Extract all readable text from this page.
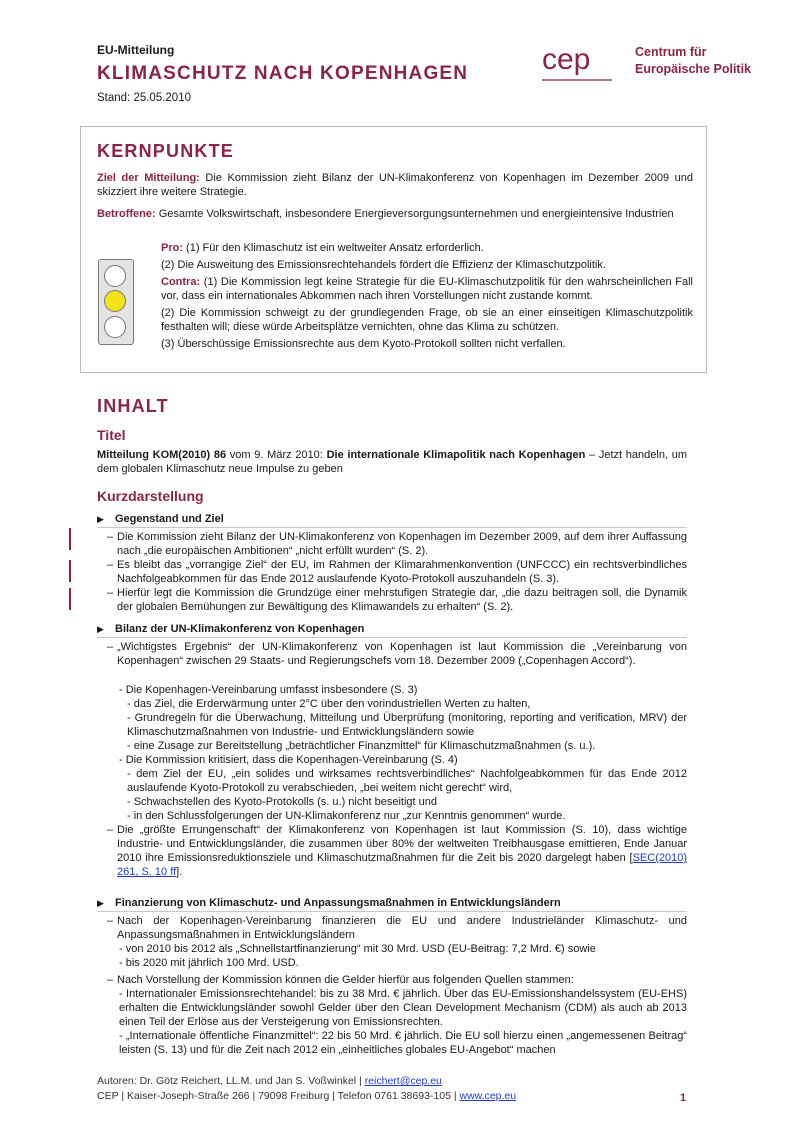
EU-Mitteilung
KLIMASCHUTZ NACH KOPENHAGEN
Stand: 25.05.2010
cep	Centrum für
Europäische Politik
KERNPUNKTE

Ziel der Mitteilung: Die Kommission zieht Bilanz der UN-Klimakonferenz von Kopenhagen im Dezember 2009 und skizziert ihre weitere Strategie.

Betroffene: Gesamte Volkswirtschaft, insbesondere Energieversorgungsunternehmen und energieintensive Industrien

Pro: (1) Für den Klimaschutz ist ein weltweiter Ansatz erforderlich.

(2) Die Ausweitung des Emissionsrechtehandels fördert die Effizienz der Klimaschutzpolitik.

Contra: (1) Die Kommission legt keine Strategie für die EU-Klimaschutzpolitik für den wahrscheinlichen Fall vor, dass ein internationales Abkommen nach ihren Vorstellungen nicht zustande kommt.

(2) Die Kommission schweigt zu der grundlegenden Frage, ob sie an einer einseitigen Klimaschutzpolitik festhalten will; diese würde Arbeitsplätze vernichten, ohne das Klima zu schützen.

(3) Überschüssige Emissionsrechte aus dem Kyoto-Protokoll sollten nicht verfallen.

INHALT
Titel

Mitteilung KOM(2010) 86 vom 9. März 2010: Die internationale Klimapolitik nach Kopenhagen – Jetzt handeln, um dem globalen Klimaschutz neue Impulse zu geben

Kurzdarstellung
▶ Gegenstand und Ziel

– Die Kommission zieht Bilanz der UN-Klimakonferenz von Kopenhagen im Dezember 2009, auf dem ihrer Auffassung nach „die europäischen Ambitionen“ „nicht erfüllt wurden“ (S. 2).

– Es bleibt das „vorrangige Ziel“ der EU, im Rahmen der Klimarahmenkonvention (UNFCCC) ein rechtsverbindliches Nachfolgeabkommen für das Ende 2012 auslaufende Kyoto-Protokoll auszuhandeln (S. 3).

– Hierfür legt die Kommission die Grundzüge einer mehrstufigen Strategie dar, „die dazu beitragen soll, die Dynamik der globalen Bemühungen zur Bewältigung des Klimawandels zu erhalten“ (S. 2).

▶ Bilanz der UN-Klimakonferenz von Kopenhagen

– „Wichtigstes Ergebnis“ der UN-Klimakonferenz von Kopenhagen ist laut Kommission die „Vereinbarung von Kopenhagen“ zwischen 29 Staats- und Regierungschefs vom 18. Dezember 2009 („Copenhagen Accord“).

- Die Kopenhagen-Vereinbarung umfasst insbesondere (S. 3)

- das Ziel, die Erderwärmung unter 2°C über den vorindustriellen Werten zu halten,

- Grundregeln für die Überwachung, Mitteilung und Überprüfung (monitoring, reporting and verification, MRV) der Klimaschutzmaßnahmen von Industrie- und Entwicklungsländern sowie

- eine Zusage zur Bereitstellung „beträchtlicher Finanzmittel“ für Klimaschutzmaßnahmen (s. u.).

- Die Kommission kritisiert, dass die Kopenhagen-Vereinbarung (S. 4)

- dem Ziel der EU, „ein solides und wirksames rechtsverbindliches“ Nachfolgeabkommen für das Ende 2012 auslaufende Kyoto-Protokoll zu verabschieden, „bei weitem nicht gerecht“ wird,

- Schwachstellen des Kyoto-Protokolls (s. u.) nicht beseitigt und

- in den Schlussfolgerungen der UN-Klimakonferenz nur „zur Kenntnis genommen“ wurde.

– Die „größte Errungenschaft“ der Klimakonferenz von Kopenhagen ist laut Kommission (S. 10), dass wichtige Industrie- und Entwicklungsländer, die zusammen über 80% der weltweiten Treibhausgase emittieren, Ende Januar 2010 ihre Emissionsreduktionsziele und Klimaschutzmaßnahmen für die Zeit bis 2020 dargelegt haben [SEC(2010) 261, S. 10 ff].

▶ Finanzierung von Klimaschutz- und Anpassungsmaßnahmen in Entwicklungsländern

– Nach der Kopenhagen-Vereinbarung finanzieren die EU und andere Industrieländer Klimaschutz- und Anpassungsmaßnahmen in Entwicklungsländern

- von 2010 bis 2012 als „Schnellstartfinanzierung“ mit 30 Mrd. USD (EU-Beitrag: 7,2 Mrd. €) sowie

- bis 2020 mit jährlich 100 Mrd. USD.

– Nach Vorstellung der Kommission können die Gelder hierfür aus folgenden Quellen stammen:

- Internationaler Emissionsrechtehandel: bis zu 38 Mrd. € jährlich. Über das EU-Emissionshandelssystem (EU-EHS) erhalten die Entwicklungsländer sowohl Gelder über den Clean Development Mechanism (CDM) als auch ab 2013 einen Teil der Erlöse aus der Versteigerung von Emissionsrechten.

- „Internationale öffentliche Finanzmittel“: 22 bis 50 Mrd. € jährlich. Die EU soll hierzu einen „angemessenen Beitrag“ leisten (S. 13) und für die Zeit nach 2012 ein „einheitliches globales EU-Angebot“ machen

Autoren: Dr. Götz Reichert, LL.M. und Jan S. Voßwinkel | reichert@cep.eu
CEP | Kaiser-Joseph-Straße 266 | 79098 Freiburg | Telefon 0761 38693-105 | www.cep.eu	1
